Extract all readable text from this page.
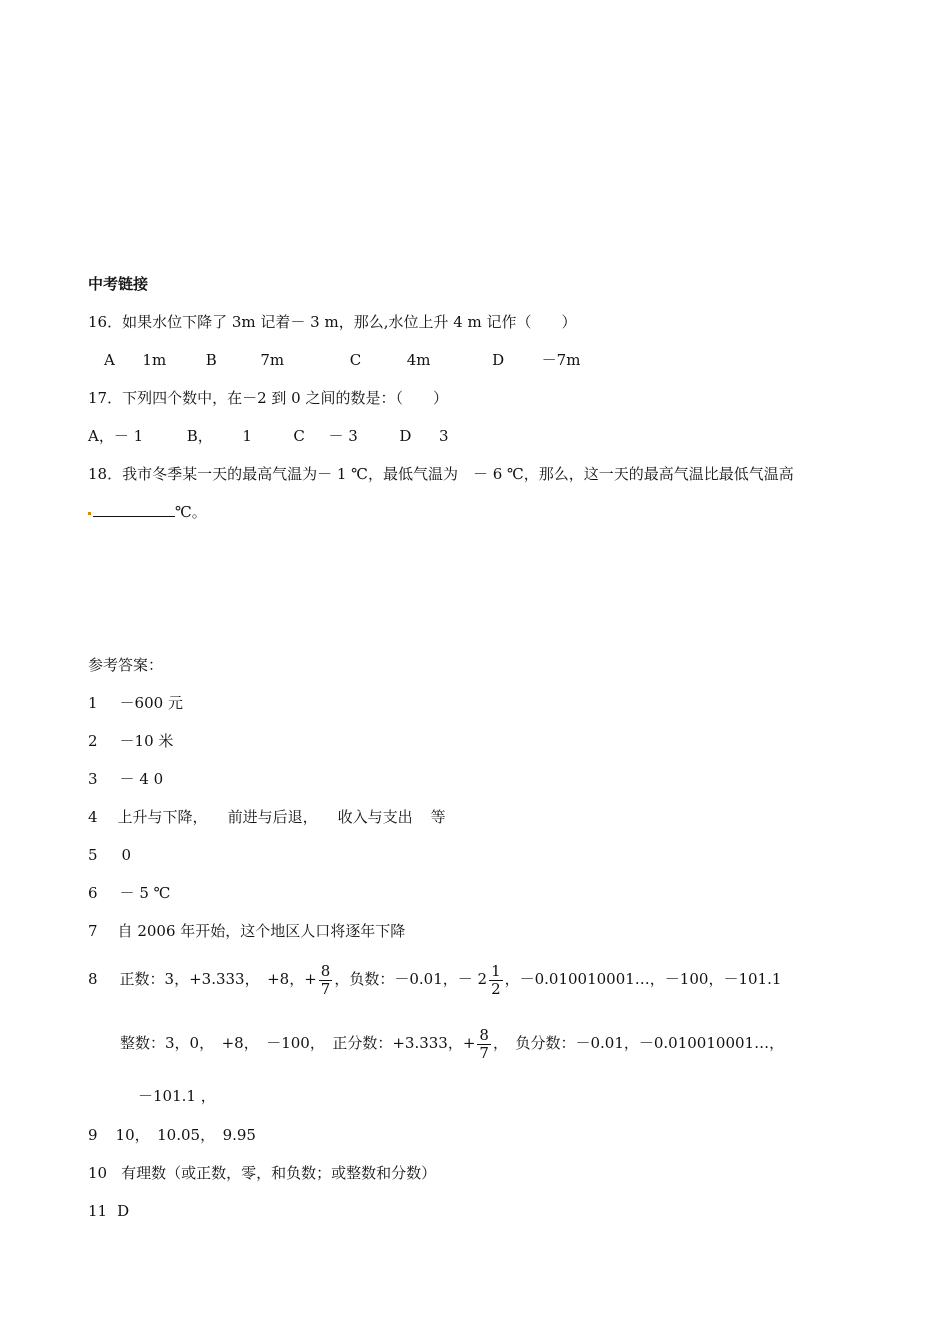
中考链接
16．如果水位下降了 3m 记着－ 3 m，那么,水位上升 4 m 记作（　　）
A 1m	B	7m	C	4m	D	－7m
17．下列四个数中，在－2 到 0 之间的数是：（　　）
A，－ 1	B， 1	C － 3	D 3
18．我市冬季某一天的最高气温为－ 1 ℃，最低气温为　－ 6 ℃，那么，这一天的最高气温比最低气温高
℃。
参考答案：
1 －600 元
2 －10 米
3 － 4 0
4 上升与下降， 前进与后退， 收入与支出 等
5 0
6 － 5 ℃
7 自 2006 年开始，这个地区人口将逐年下降
8 正数：3，+3.333，　+8，+ $\frac{8}{7}$ ，负数：－0.01，－ $2 \frac{1}{2}$ ，－0.010010001…，－100，－101.1
整数：3，0，　+8，　－100，　正分数：+3.333，+ $\frac{8}{7}$ ，　负分数：－0.01，－0.010010001…，
－101.1 ，
9 10，　10.05，　9.95
10 有理数（或正数，零，和负数；或整数和分数）
11 D
